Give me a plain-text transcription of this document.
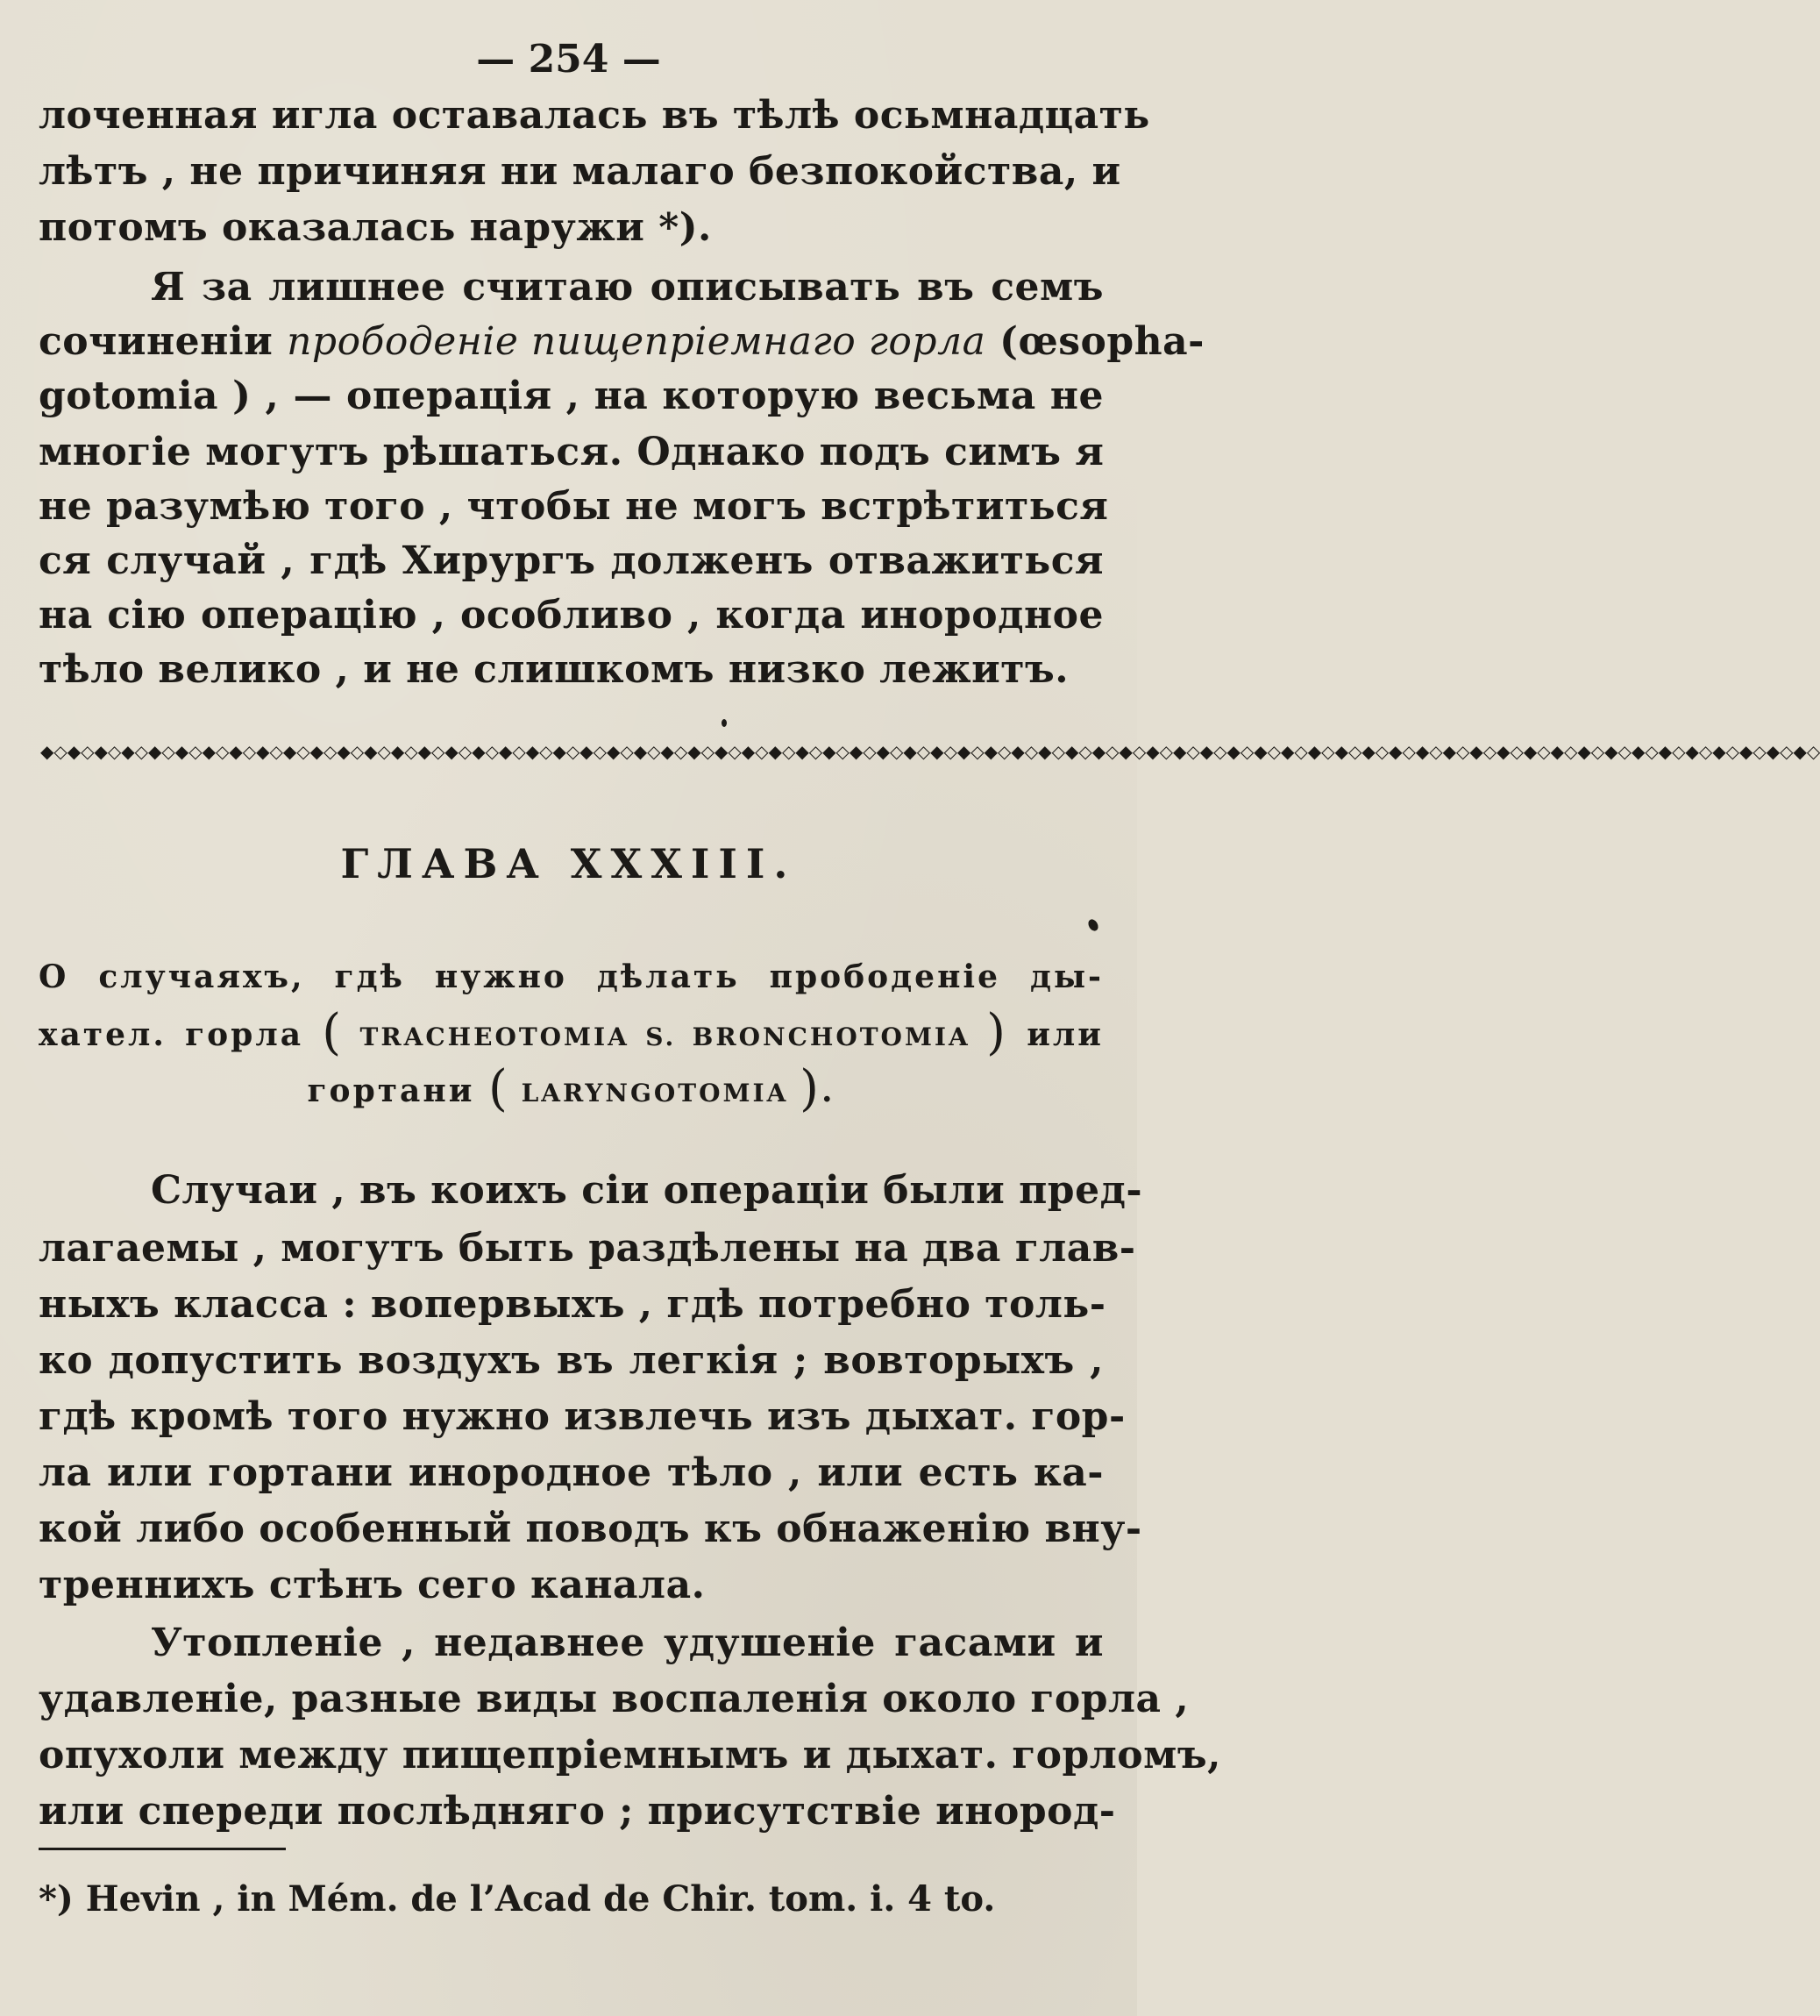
— 254 —
лоченная игла оставалась въ тѣлѣ осьмнадцать
лѣтъ , не причиняя ни малаго безпокойства, и
потомъ оказалась наружи *).
Я за лишнее считаю описывать въ семъ
сочиненіи прободеніе пищепріемнаго горла (œsopha-
gotomia ) , — операція , на которую весьма не
многіе могутъ рѣшаться. Однако подъ симъ я
не разумѣю того , чтобы не могъ встрѣтиться
ся случай , гдѣ Хирургъ долженъ отважиться
на сію операцію , особливо , когда инородное
тѣло велико , и не слишкомъ низко лежитъ.
◆◇◆◇◆◇◆◇◆◇◆◇◆◇◆◇◆◇◆◇◆◇◆◇◆◇◆◇◆◇◆◇◆◇◆◇◆◇◆◇◆◇◆◇◆◇◆◇◆◇◆◇◆◇◆◇◆◇◆◇◆◇◆◇◆◇◆◇◆◇◆◇◆◇◆◇◆◇◆◇◆◇◆◇◆◇◆◇◆◇◆◇◆◇◆◇◆◇◆◇◆◇◆◇◆◇◆◇◆◇◆◇◆◇◆◇◆◇◆◇◆◇◆◇◆◇◆◇◆◇◆◇
ГЛАВА XXXIII.
О случаяхъ, гдѣ нужно дѣлать прободеніе ды-
хател. горла ( TRACHEOTOMIA S. BRONCHOTOMIA ) или
гортани ( LARYNGOTOMIA ).
Случаи , въ коихъ сіи операціи были пред-
лагаемы , могутъ быть раздѣлены на два глав-
ныхъ класса : вопервыхъ , гдѣ потребно толь-
ко допустить воздухъ въ легкія ; вовторыхъ ,
гдѣ кромѣ того нужно извлечь изъ дыхат. гор-
ла или гортани инородное тѣло , или есть ка-
кой либо особенный поводъ къ обнаженію вну-
треннихъ стѣнъ сего канала.
Утопленіе , недавнее удушеніе гасами и
удавленіе, разные виды воспаленія около горла ,
опухоли между пищепріемнымъ и дыхат. горломъ,
или спереди послѣдняго ; присутствіе инород-
*) Hevin , in Mém. de l’Acad de Chir. tom. i. 4 to.
